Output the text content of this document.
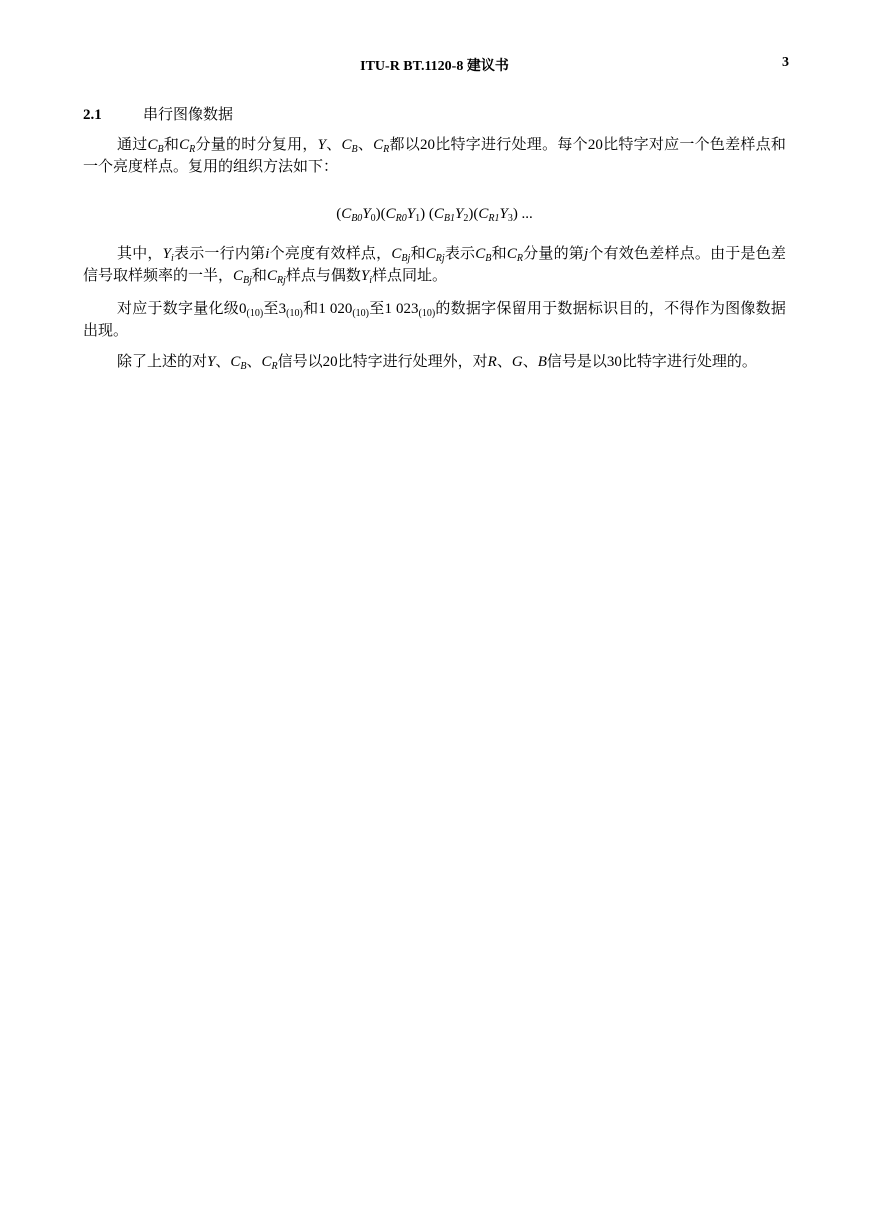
ITU-R BT.1120-8 建议书	3
2.1	串行图像数据

通过$C_B$和$C_R$分量的时分复用，Y、$C_B$、$C_R$都以20比特字进行处理。每个20比特字对应一个色差样点和一个亮度样点。复用的组织方法如下：

$(C_{B0}Y_0)(C_{R0}Y_1)$ $(C_{B1}Y_2)(C_{R1}Y_3)$ ...

其中，$Y_i$表示一行内第i个亮度有效样点，$C_{Bj}$和$C_{Rj}$表示$C_B$和$C_R$分量的第j个有效色差样点。由于是色差信号取样频率的一半，$C_{Bj}$和$C_{Rj}$样点与偶数$Y_i$样点同址。

对应于数字量化级$0_{(10)}$至$3_{(10)}$和1 $020_{(10)}$至1 $023_{(10)}$的数据字保留用于数据标识目的，不得作为图像数据出现。

除了上述的对Y、$C_B$、$C_R$信号以20比特字进行处理外，对R、G、B信号是以30比特字进行处理的。
